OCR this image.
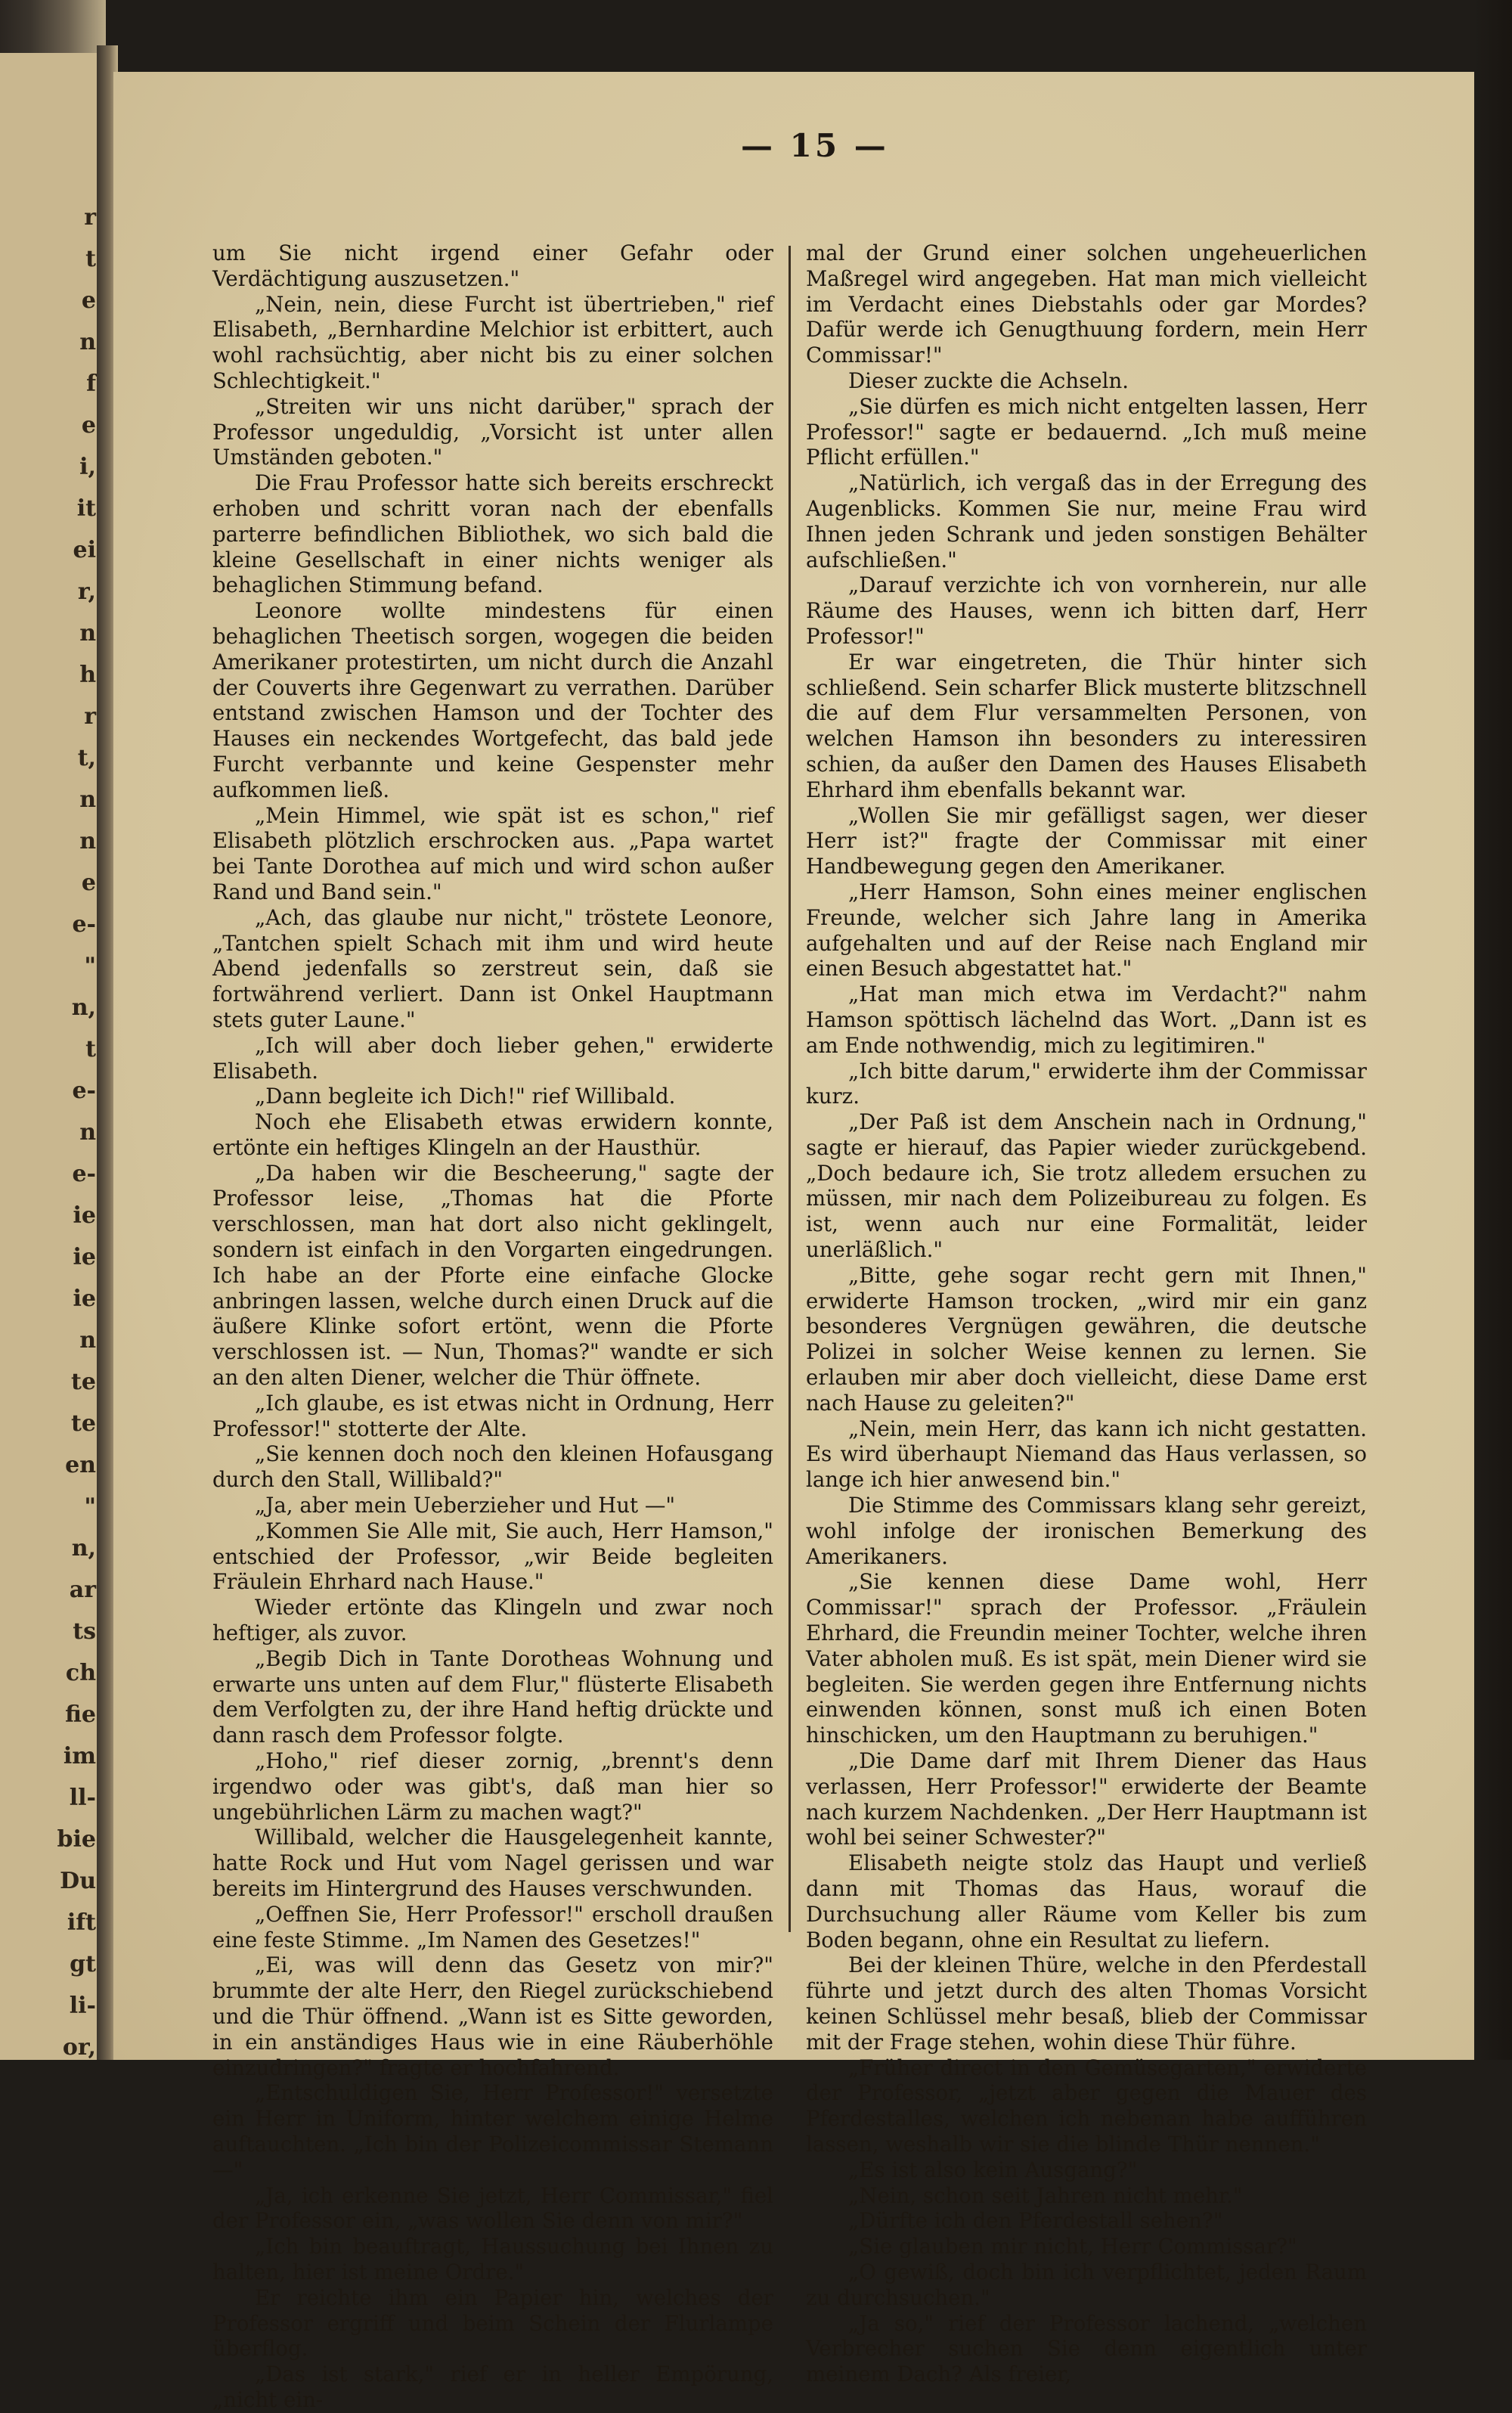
r
t
e
n
f
e
i,
it
ei
r,
n
h
r
t,
n
n
e
e-
"
n,
t
e-
n
e-
ie
ie
ie
n
te
te
en
"
n,
ar
ts
ch
fie
im
ll-
bie
Du
ift
gt
li-
or,
— 15 —

um Sie nicht irgend einer Gefahr oder Verdächtigung auszusetzen."

„Nein, nein, diese Furcht ist übertrieben," rief Elisabeth, „Bernhardine Melchior ist erbittert, auch wohl rachsüchtig, aber nicht bis zu einer solchen Schlechtigkeit."

„Streiten wir uns nicht darüber," sprach der Professor ungeduldig, „Vorsicht ist unter allen Umständen geboten."

Die Frau Professor hatte sich bereits erschreckt erhoben und schritt voran nach der ebenfalls parterre befindlichen Bibliothek, wo sich bald die kleine Gesellschaft in einer nichts weniger als behaglichen Stimmung befand.

Leonore wollte mindestens für einen behaglichen Theetisch sorgen, wogegen die beiden Amerikaner protestirten, um nicht durch die Anzahl der Couverts ihre Gegenwart zu verrathen. Darüber entstand zwischen Hamson und der Tochter des Hauses ein neckendes Wortgefecht, das bald jede Furcht verbannte und keine Gespenster mehr aufkommen ließ.

„Mein Himmel, wie spät ist es schon," rief Elisabeth plötzlich erschrocken aus. „Papa wartet bei Tante Dorothea auf mich und wird schon außer Rand und Band sein."

„Ach, das glaube nur nicht," tröstete Leonore, „Tantchen spielt Schach mit ihm und wird heute Abend jedenfalls so zerstreut sein, daß sie fortwährend verliert. Dann ist Onkel Hauptmann stets guter Laune."

„Ich will aber doch lieber gehen," erwiderte Elisabeth.

„Dann begleite ich Dich!" rief Willibald.

Noch ehe Elisabeth etwas erwidern konnte, ertönte ein heftiges Klingeln an der Hausthür.

„Da haben wir die Bescheerung," sagte der Professor leise, „Thomas hat die Pforte verschlossen, man hat dort also nicht geklingelt, sondern ist einfach in den Vorgarten eingedrungen. Ich habe an der Pforte eine einfache Glocke anbringen lassen, welche durch einen Druck auf die äußere Klinke sofort ertönt, wenn die Pforte verschlossen ist. — Nun, Thomas?" wandte er sich an den alten Diener, welcher die Thür öffnete.

„Ich glaube, es ist etwas nicht in Ordnung, Herr Professor!" stotterte der Alte.

„Sie kennen doch noch den kleinen Hofausgang durch den Stall, Willibald?"

„Ja, aber mein Ueberzieher und Hut —"

„Kommen Sie Alle mit, Sie auch, Herr Hamson," entschied der Professor, „wir Beide begleiten Fräulein Ehrhard nach Hause."

Wieder ertönte das Klingeln und zwar noch heftiger, als zuvor.

„Begib Dich in Tante Dorotheas Wohnung und erwarte uns unten auf dem Flur," flüsterte Elisabeth dem Verfolgten zu, der ihre Hand heftig drückte und dann rasch dem Professor folgte.

„Hoho," rief dieser zornig, „brennt's denn irgendwo oder was gibt's, daß man hier so ungebührlichen Lärm zu machen wagt?"

Willibald, welcher die Hausgelegenheit kannte, hatte Rock und Hut vom Nagel gerissen und war bereits im Hintergrund des Hauses verschwunden.

„Oeffnen Sie, Herr Professor!" erscholl draußen eine feste Stimme. „Im Namen des Gesetzes!"

„Ei, was will denn das Gesetz von mir?" brummte der alte Herr, den Riegel zurückschiebend und die Thür öffnend. „Wann ist es Sitte geworden, in ein anständiges Haus wie in eine Räuberhöhle einzudringen?" fragte er hochfahrend.

„Entschuldigen Sie, Herr Professor!" versetzte ein Herr in Uniform, hinter welchem einige Helme auftauchten. „Ich bin der Polizeicommissar Stemann —"

„Ja, ich erkenne Sie jetzt, Herr Commissar," fiel der Professor ein, „was wollen Sie denn von mir?"

„Ich bin beauftragt, Haussuchung bei Ihnen zu halten, hier ist meine Ordre."

Er reichte ihm ein Papier hin, welches der Professor ergriff und beim Schein der Flurlampe überflog.

„Das ist stark," rief er in heller Empörung, „nicht ein-

mal der Grund einer solchen ungeheuerlichen Maßregel wird angegeben. Hat man mich vielleicht im Verdacht eines Diebstahls oder gar Mordes? Dafür werde ich Genugthuung fordern, mein Herr Commissar!"

Dieser zuckte die Achseln.

„Sie dürfen es mich nicht entgelten lassen, Herr Professor!" sagte er bedauernd. „Ich muß meine Pflicht erfüllen."

„Natürlich, ich vergaß das in der Erregung des Augenblicks. Kommen Sie nur, meine Frau wird Ihnen jeden Schrank und jeden sonstigen Behälter aufschließen."

„Darauf verzichte ich von vornherein, nur alle Räume des Hauses, wenn ich bitten darf, Herr Professor!"

Er war eingetreten, die Thür hinter sich schließend. Sein scharfer Blick musterte blitzschnell die auf dem Flur versammelten Personen, von welchen Hamson ihn besonders zu interessiren schien, da außer den Damen des Hauses Elisabeth Ehrhard ihm ebenfalls bekannt war.

„Wollen Sie mir gefälligst sagen, wer dieser Herr ist?" fragte der Commissar mit einer Handbewegung gegen den Amerikaner.

„Herr Hamson, Sohn eines meiner englischen Freunde, welcher sich Jahre lang in Amerika aufgehalten und auf der Reise nach England mir einen Besuch abgestattet hat."

„Hat man mich etwa im Verdacht?" nahm Hamson spöttisch lächelnd das Wort. „Dann ist es am Ende nothwendig, mich zu legitimiren."

„Ich bitte darum," erwiderte ihm der Commissar kurz.

„Der Paß ist dem Anschein nach in Ordnung," sagte er hierauf, das Papier wieder zurückgebend. „Doch bedaure ich, Sie trotz alledem ersuchen zu müssen, mir nach dem Polizeibureau zu folgen. Es ist, wenn auch nur eine Formalität, leider unerläßlich."

„Bitte, gehe sogar recht gern mit Ihnen," erwiderte Hamson trocken, „wird mir ein ganz besonderes Vergnügen gewähren, die deutsche Polizei in solcher Weise kennen zu lernen. Sie erlauben mir aber doch vielleicht, diese Dame erst nach Hause zu geleiten?"

„Nein, mein Herr, das kann ich nicht gestatten. Es wird überhaupt Niemand das Haus verlassen, so lange ich hier anwesend bin."

Die Stimme des Commissars klang sehr gereizt, wohl infolge der ironischen Bemerkung des Amerikaners.

„Sie kennen diese Dame wohl, Herr Commissar!" sprach der Professor. „Fräulein Ehrhard, die Freundin meiner Tochter, welche ihren Vater abholen muß. Es ist spät, mein Diener wird sie begleiten. Sie werden gegen ihre Entfernung nichts einwenden können, sonst muß ich einen Boten hinschicken, um den Hauptmann zu beruhigen."

„Die Dame darf mit Ihrem Diener das Haus verlassen, Herr Professor!" erwiderte der Beamte nach kurzem Nachdenken. „Der Herr Hauptmann ist wohl bei seiner Schwester?"

Elisabeth neigte stolz das Haupt und verließ dann mit Thomas das Haus, worauf die Durchsuchung aller Räume vom Keller bis zum Boden begann, ohne ein Resultat zu liefern.

Bei der kleinen Thüre, welche in den Pferdestall führte und jetzt durch des alten Thomas Vorsicht keinen Schlüssel mehr besaß, blieb der Commissar mit der Frage stehen, wohin diese Thür führe.

„Früher direct in den Gemüsegarten," erwiderte der Professor, „jetzt aber gegen die Mauer des Pferdestalles, welchen ich nebenan habe aufführen lassen, weshalb wir sie die blinde Thür nennen."

„Es ist also kein Ausgang?"

„Nein, schon seit Jahren nicht mehr."

„Dürfte ich den Pferdestall sehen?"

„Sie glauben mir nicht, Herr Commissar?"

„O gewiß, doch bin ich verpflichtet, jeden Raum zu durchsuchen."

„Ja so," rief der Professor lachend, „welchen Verbrecher suchen Sie denn eigentlich unter meinem Dach? Als freier,
